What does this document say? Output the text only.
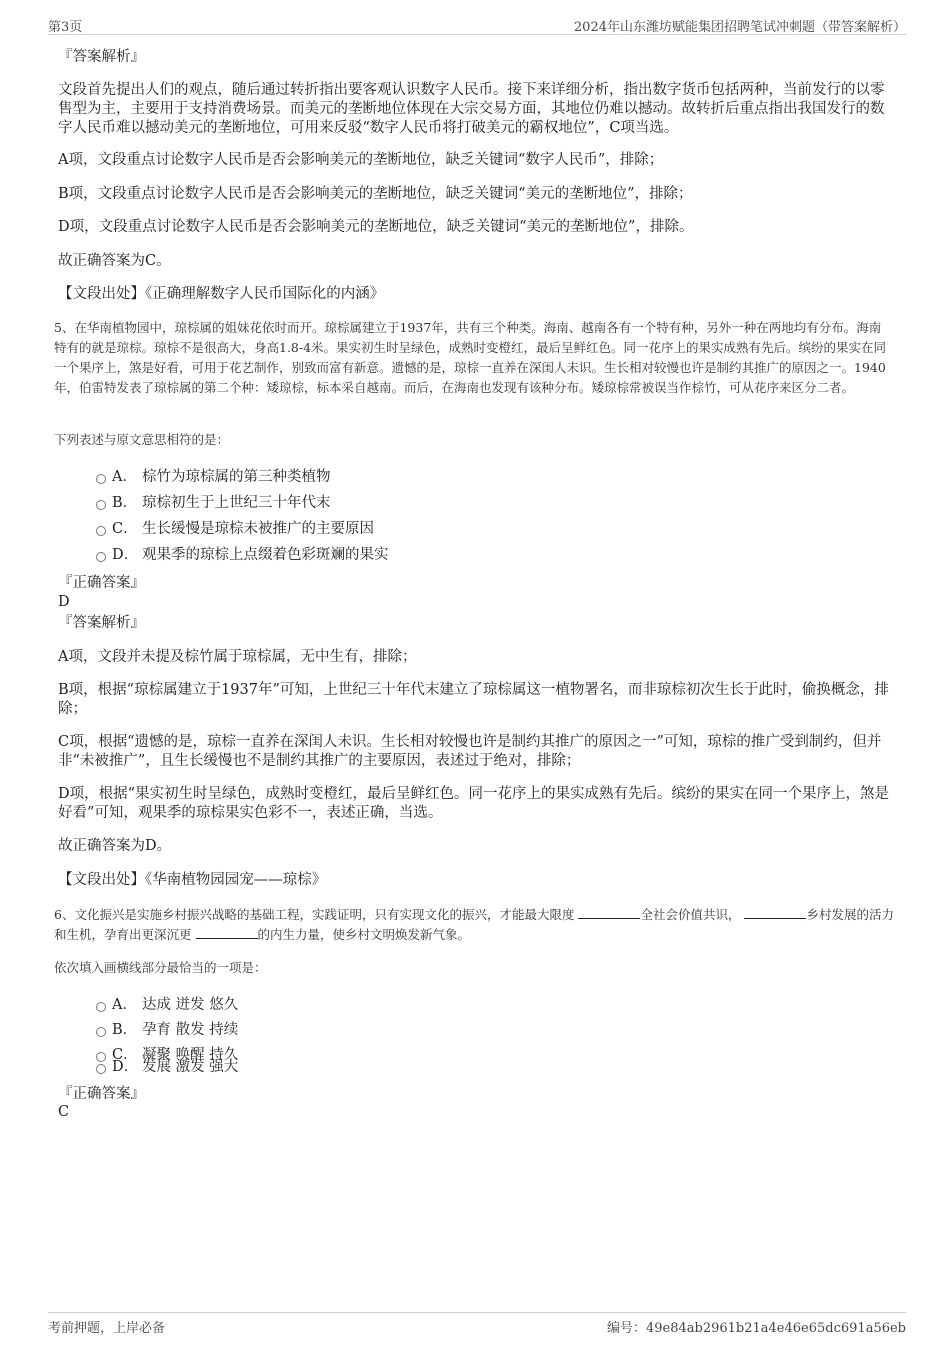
第3页	2024年山东潍坊赋能集团招聘笔试冲刺题（带答案解析）
『答案解析』
文段首先提出人们的观点，随后通过转折指出要客观认识数字人民币。接下来详细分析，指出数字货币包括两种，当前发行的以零售型为主，主要用于支持消费场景。而美元的垄断地位体现在大宗交易方面，其地位仍难以撼动。故转折后重点指出我国发行的数字人民币难以撼动美元的垄断地位，可用来反驳“数字人民币将打破美元的霸权地位”，C项当选。
A项，文段重点讨论数字人民币是否会影响美元的垄断地位，缺乏关键词“数字人民币”，排除；
B项，文段重点讨论数字人民币是否会影响美元的垄断地位，缺乏关键词“美元的垄断地位”，排除；
D项，文段重点讨论数字人民币是否会影响美元的垄断地位，缺乏关键词“美元的垄断地位”，排除。
故正确答案为C。
【文段出处】《正确理解数字人民币国际化的内涵》
5、在华南植物园中，琼棕属的姐妹花依时而开。琼棕属建立于1937年，共有三个种类。海南、越南各有一个特有种，另外一种在两地均有分布。海南特有的就是琼棕。琼棕不是很高大，身高1.8-4米。果实初生时呈绿色，成熟时变橙红，最后呈鲜红色。同一花序上的果实成熟有先后。缤纷的果实在同一个果序上，煞是好看，可用于花艺制作，别致而富有新意。遗憾的是，琼棕一直养在深闺人未识。生长相对较慢也许是制约其推广的原因之一。1940年，伯雷特发表了琼棕属的第二个种：矮琼棕，标本采自越南。而后，在海南也发现有该种分布。矮琼棕常被误当作棕竹，可从花序来区分二者。
下列表述与原文意思相符的是：
A． 棕竹为琼棕属的第三种类植物
B． 琼棕初生于上世纪三十年代末
C． 生长缓慢是琼棕未被推广的主要原因
D． 观果季的琼棕上点缀着色彩斑斓的果实
『正确答案』
D
『答案解析』
A项，文段并未提及棕竹属于琼棕属，无中生有，排除；
B项，根据“琼棕属建立于1937年”可知，上世纪三十年代末建立了琼棕属这一植物署名，而非琼棕初次生长于此时，偷换概念，排除；
C项，根据“遗憾的是，琼棕一直养在深闺人未识。生长相对较慢也许是制约其推广的原因之一”可知，琼棕的推广受到制约，但并非“未被推广”，且生长缓慢也不是制约其推广的主要原因，表述过于绝对，排除；
D项，根据“果实初生时呈绿色，成熟时变橙红，最后呈鲜红色。同一花序上的果实成熟有先后。缤纷的果实在同一个果序上，煞是好看”可知，观果季的琼棕果实色彩不一，表述正确，当选。
故正确答案为D。
【文段出处】《华南植物园园宠——琼棕》
6、文化振兴是实施乡村振兴战略的基础工程，实践证明，只有实现文化的振兴，才能最大限度	全社会价值共识，	乡村发展的活力和生机，孕育出更深沉更	的内生力量，使乡村文明焕发新气象。
依次填入画横线部分最恰当的一项是：
A． 达成 迸发 悠久
B． 孕育 散发 持续
C． 凝聚 唤醒 持久
D． 发展 激发 强大
『正确答案』
C
考前押题，上岸必备	编号：49e84ab2961b21a4e46e65dc691a56eb
